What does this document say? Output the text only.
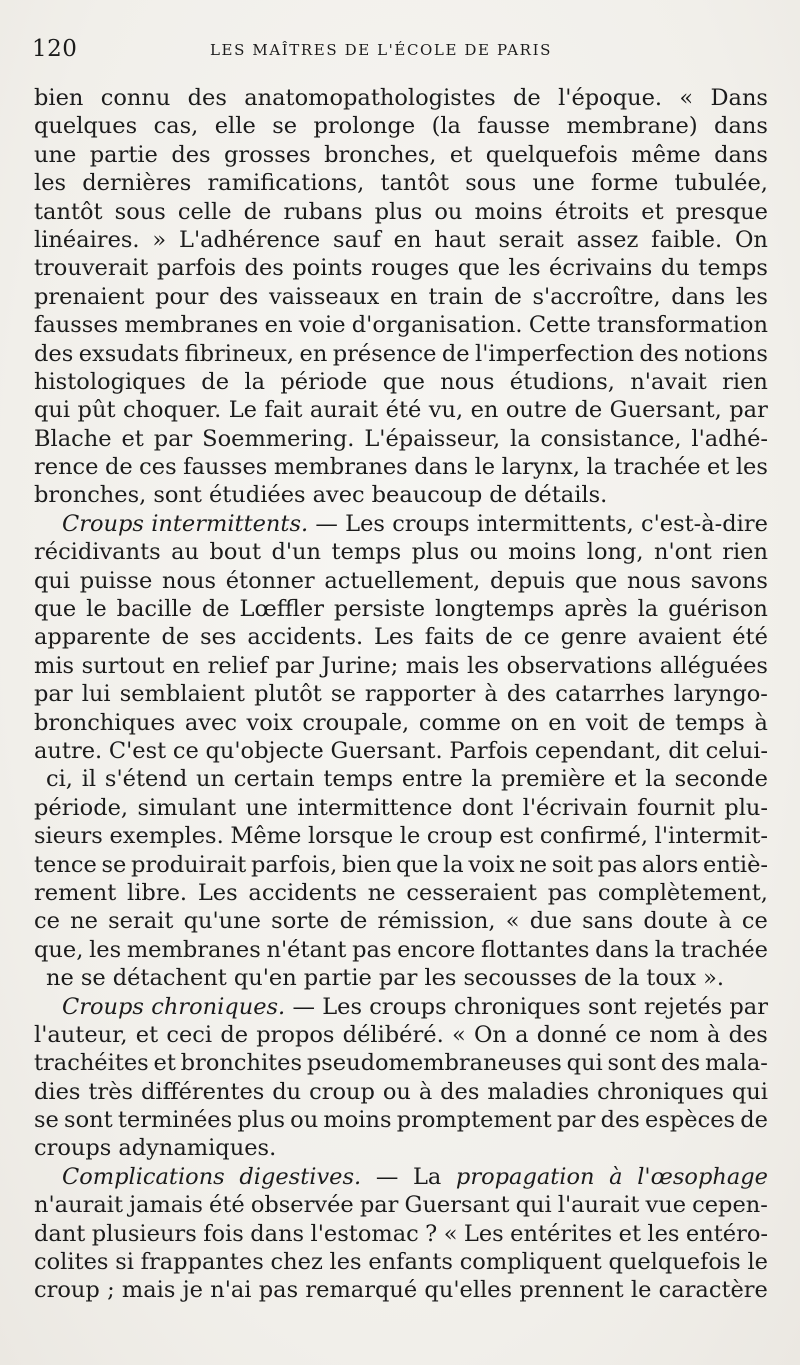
120	LES MAÎTRES DE L'ÉCOLE DE PARIS
bien connu des anatomopathologistes de l'époque. « Dans
quelques cas, elle se prolonge (la fausse membrane) dans
une partie des grosses bronches, et quelquefois même dans
les dernières ramifications, tantôt sous une forme tubulée,
tantôt sous celle de rubans plus ou moins étroits et presque
linéaires. » L'adhérence sauf en haut serait assez faible. On
trouverait parfois des points rouges que les écrivains du temps
prenaient pour des vaisseaux en train de s'accroître, dans les
fausses membranes en voie d'organisation. Cette transformation
des exsudats fibrineux, en présence de l'imperfection des notions
histologiques de la période que nous étudions, n'avait rien
qui pût choquer. Le fait aurait été vu, en outre de Guersant, par
Blache et par Soemmering. L'épaisseur, la consistance, l'adhé-
rence de ces fausses membranes dans le larynx, la trachée et les
bronches, sont étudiées avec beaucoup de détails.
Croups intermittents. — Les croups intermittents, c'est-à-dire
récidivants au bout d'un temps plus ou moins long, n'ont rien
qui puisse nous étonner actuellement, depuis que nous savons
que le bacille de Lœffler persiste longtemps après la guérison
apparente de ses accidents. Les faits de ce genre avaient été
mis surtout en relief par Jurine; mais les observations alléguées
par lui semblaient plutôt se rapporter à des catarrhes laryngo-
bronchiques avec voix croupale, comme on en voit de temps à
autre. C'est ce qu'objecte Guersant. Parfois cependant, dit celui-
ci, il s'étend un certain temps entre la première et la seconde
période, simulant une intermittence dont l'écrivain fournit plu-
sieurs exemples. Même lorsque le croup est confirmé, l'intermit-
tence se produirait parfois, bien que la voix ne soit pas alors entiè-
rement libre. Les accidents ne cesseraient pas complètement,
ce ne serait qu'une sorte de rémission, « due sans doute à ce
que, les membranes n'étant pas encore flottantes dans la trachée
ne se détachent qu'en partie par les secousses de la toux ».
Croups chroniques. — Les croups chroniques sont rejetés par
l'auteur, et ceci de propos délibéré. « On a donné ce nom à des
trachéites et bronchites pseudomembraneuses qui sont des mala-
dies très différentes du croup ou à des maladies chroniques qui
se sont terminées plus ou moins promptement par des espèces de
croups adynamiques.
Complications digestives. — La propagation à l'œsophage
n'aurait jamais été observée par Guersant qui l'aurait vue cepen-
dant plusieurs fois dans l'estomac ? « Les entérites et les entéro-
colites si frappantes chez les enfants compliquent quelquefois le
croup ; mais je n'ai pas remarqué qu'elles prennent le caractère
